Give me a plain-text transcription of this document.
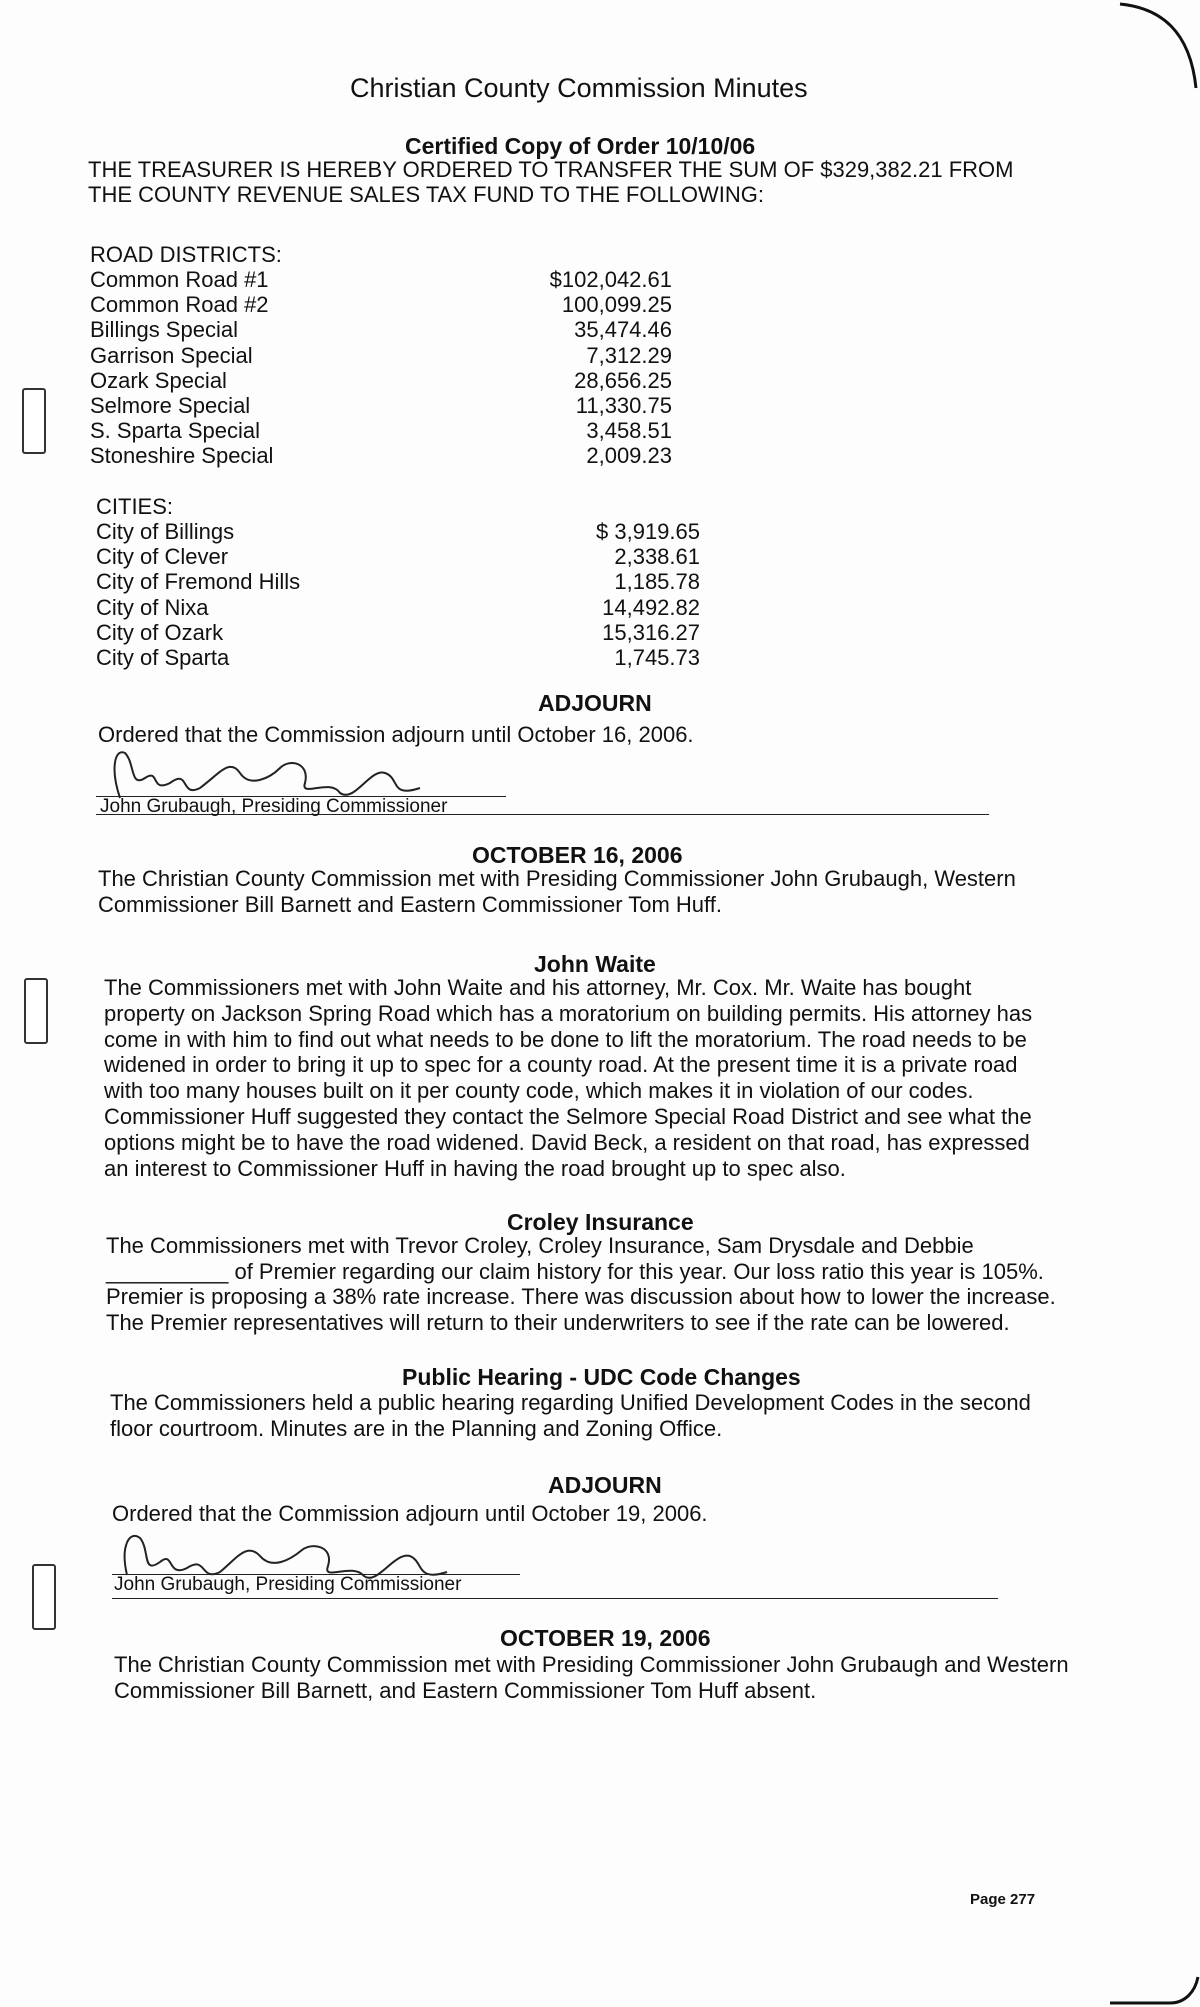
Christian County Commission Minutes
Certified Copy of Order 10/10/06
THE TREASURER IS HEREBY ORDERED TO TRANSFER THE SUM OF $329,382.21 FROM
THE COUNTY REVENUE SALES TAX FUND TO THE FOLLOWING:
ROAD DISTRICTS:
Common Road #1	$102,042.61
Common Road #2	100,099.25
Billings Special	35,474.46
Garrison Special	7,312.29
Ozark Special	28,656.25
Selmore Special	11,330.75
S. Sparta Special	3,458.51
Stoneshire Special	2,009.23
CITIES:
City of Billings	$ 3,919.65
City of Clever	2,338.61
City of Fremond Hills	1,185.78
City of Nixa	14,492.82
City of Ozark	15,316.27
City of Sparta	1,745.73
ADJOURN
Ordered that the Commission adjourn until October 16, 2006.
John Grubaugh, Presiding Commissioner
OCTOBER 16, 2006
The Christian County Commission met with Presiding Commissioner John Grubaugh, Western
Commissioner Bill Barnett and Eastern Commissioner Tom Huff.
John Waite
The Commissioners met with John Waite and his attorney, Mr. Cox. Mr. Waite has bought
property on Jackson Spring Road which has a moratorium on building permits. His attorney has
come in with him to find out what needs to be done to lift the moratorium. The road needs to be
widened in order to bring it up to spec for a county road. At the present time it is a private road
with too many houses built on it per county code, which makes it in violation of our codes.
Commissioner Huff suggested they contact the Selmore Special Road District and see what the
options might be to have the road widened. David Beck, a resident on that road, has expressed
an interest to Commissioner Huff in having the road brought up to spec also.
Croley Insurance
The Commissioners met with Trevor Croley, Croley Insurance, Sam Drysdale and Debbie
__________ of Premier regarding our claim history for this year. Our loss ratio this year is 105%.
Premier is proposing a 38% rate increase. There was discussion about how to lower the increase.
The Premier representatives will return to their underwriters to see if the rate can be lowered.
Public Hearing - UDC Code Changes
The Commissioners held a public hearing regarding Unified Development Codes in the second
floor courtroom. Minutes are in the Planning and Zoning Office.
ADJOURN
Ordered that the Commission adjourn until October 19, 2006.
John Grubaugh, Presiding Commissioner
OCTOBER 19, 2006
The Christian County Commission met with Presiding Commissioner John Grubaugh and Western
Commissioner Bill Barnett, and Eastern Commissioner Tom Huff absent.
Page 277
